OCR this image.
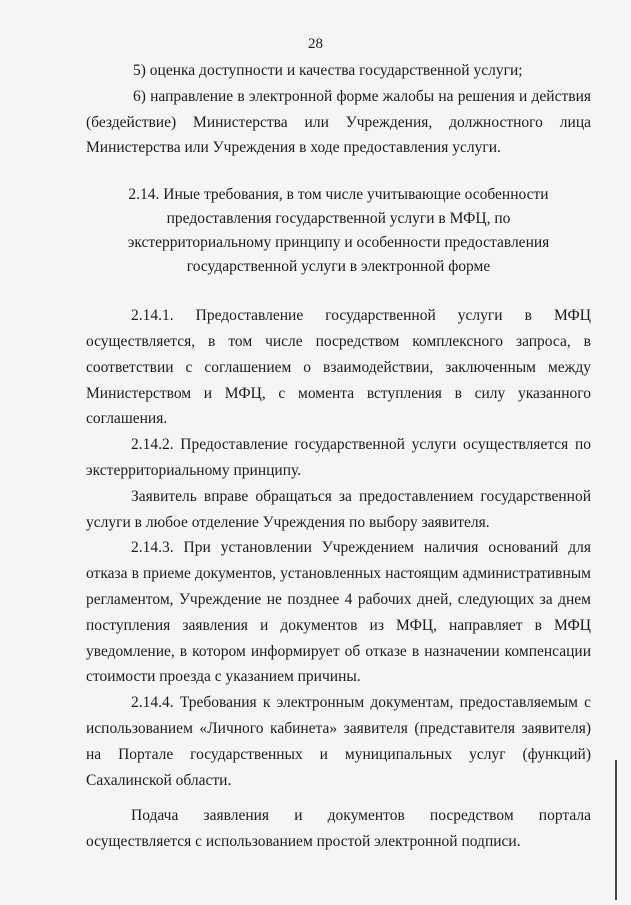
28

5) оценка доступности и качества государственной услуги;

6) направление в электронной форме жалобы на решения и действия (бездействие) Министерства или Учреждения, должностного лица Министерства или Учреждения в ходе предоставления услуги.

2.14. Иные требования, в том числе учитывающие особенности предоставления государственной услуги в МФЦ, по экстерриториальному принципу и особенности предоставления государственной услуги в электронной форме

2.14.1. Предоставление государственной услуги в МФЦ осуществляется, в том числе посредством комплексного запроса, в соответствии с соглашением о взаимодействии, заключенным между Министерством и МФЦ, с момента вступления в силу указанного соглашения.

2.14.2. Предоставление государственной услуги осуществляется по экстерриториальному принципу.

Заявитель вправе обращаться за предоставлением государственной услуги в любое отделение Учреждения по выбору заявителя.

2.14.3. При установлении Учреждением наличия оснований для отказа в приеме документов, установленных настоящим административным регламентом, Учреждение не позднее 4 рабочих дней, следующих за днем поступления заявления и документов из МФЦ, направляет в МФЦ уведомление, в котором информирует об отказе в назначении компенсации стоимости проезда с указанием причины.

2.14.4. Требования к электронным документам, предоставляемым с использованием «Личного кабинета» заявителя (представителя заявителя) на Портале государственных и муниципальных услуг (функций) Сахалинской области.

Подача заявления и документов посредством портала осуществляется с использованием простой электронной подписи.
